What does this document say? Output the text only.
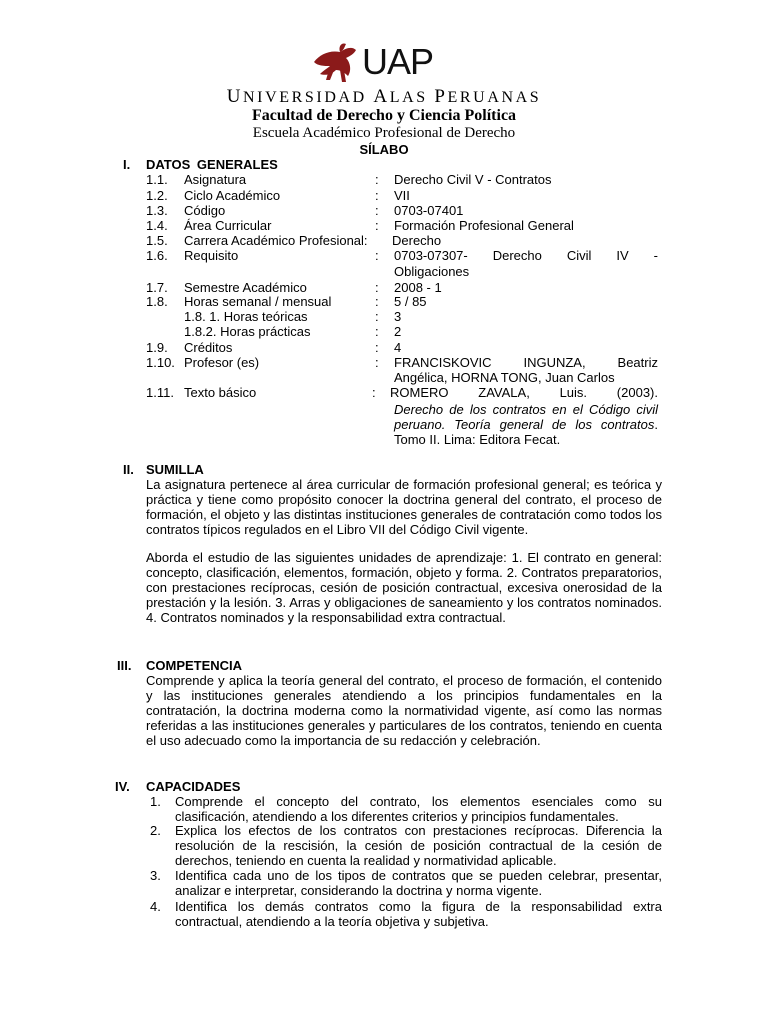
UAP
UNIVERSIDAD ALAS PERUANAS
Facultad de Derecho y Ciencia Política
Escuela Académico Profesional de Derecho
SÍLABO
I. DATOS GENERALES
1.1. Asignatura	: Derecho Civil V - Contratos
1.2. Ciclo Académico	: VII
1.3. Código	: 0703-07401
1.4. Área Curricular	: Formación Profesional General
1.5. Carrera Académico Profesional: Derecho
1.6. Requisito	: 0703-07307- Derecho Civil IV -
Obligaciones
1.7. Semestre Académico	: 2008 - 1
1.8. Horas semanal / mensual	: 5 / 85
1.8. 1. Horas teóricas	: 3
1.8.2. Horas prácticas	: 2
1.9. Créditos	: 4
1.10. Profesor (es)	: FRANCISKOVIC INGUNZA, Beatriz
Angélica, HORNA TONG, Juan Carlos
1.11. Texto básico	: ROMERO ZAVALA, Luis. (2003).
Derecho de los contratos en el Código civil peruano. Teoría general de los contratos. Tomo II. Lima: Editora Fecat.
II. SUMILLA
La asignatura pertenece al área curricular de formación profesional general; es teórica y práctica y tiene como propósito conocer la doctrina general del contrato, el proceso de formación, el objeto y las distintas instituciones generales de contratación como todos los contratos típicos regulados en el Libro VII del Código Civil vigente.
Aborda el estudio de las siguientes unidades de aprendizaje: 1. El contrato en general: concepto, clasificación, elementos, formación, objeto y forma. 2. Contratos preparatorios, con prestaciones recíprocas, cesión de posición contractual, excesiva onerosidad de la prestación y la lesión. 3. Arras y obligaciones de saneamiento y los contratos nominados. 4. Contratos nominados y la responsabilidad extra contractual.
III. COMPETENCIA
Comprende y aplica la teoría general del contrato, el proceso de formación, el contenido y las instituciones generales atendiendo a los principios fundamentales en la contratación, la doctrina moderna como la normatividad vigente, así como las normas referidas a las instituciones generales y particulares de los contratos, teniendo en cuenta el uso adecuado como la importancia de su redacción y celebración.
IV. CAPACIDADES
1. Comprende el concepto del contrato, los elementos esenciales como su clasificación, atendiendo a los diferentes criterios y principios fundamentales.
2. Explica los efectos de los contratos con prestaciones recíprocas. Diferencia la resolución de la rescisión, la cesión de posición contractual de la cesión de derechos, teniendo en cuenta la realidad y normatividad aplicable.
3. Identifica cada uno de los tipos de contratos que se pueden celebrar, presentar, analizar e interpretar, considerando la doctrina y norma vigente.
4. Identifica los demás contratos como la figura de la responsabilidad extra contractual, atendiendo a la teoría objetiva y subjetiva.
